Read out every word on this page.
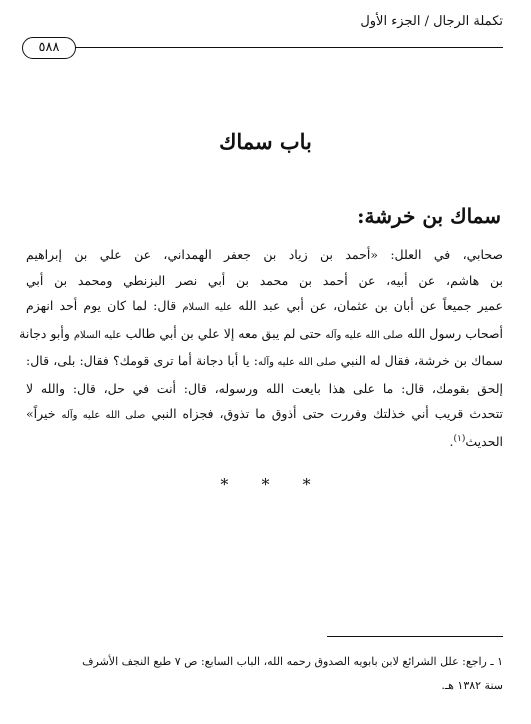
تكملة الرجال / الجزء الأول
٥٨٨
باب سماك
سماك بن خرشة:
صحابي، في العلل: «أحمد بن زياد بن جعفر الهمداني، عن علي بن إبراهيم
بن هاشم، عن أبيه، عن أحمد بن محمد بن أبي نصر البزنطي ومحمد بن أبي
عمير جميعاً عن أبان بن عثمان، عن أبي عبد الله عليه السلام قال: لما كان يوم أحد انهزم
أصحاب رسول الله صلى الله عليه وآله حتى لم يبق معه إلا علي بن أبي طالب عليه السلام وأبو دجانة
سماك بن خرشة، فقال له النبي صلى الله عليه وآله: يا أبا دجانة أما ترى قومك؟ فقال: بلى، قال:
إلحق بقومك، قال: ما على هذا بايعت الله ورسوله، قال: أنت في حل، قال: والله لا
تتحدث قريب أني خذلتك وفررت حتى أذوق ما تذوق، فجزاه النبي صلى الله عليه وآله خيراً»
الحديث$^{(١)}$.
* * *
١ ـ راجع: علل الشرائع لابن بابويه الصدوق رحمه الله، الباب السابع: ص ٧ طبع النجف الأشرف
سنة ١٣٨٢ هـ.
